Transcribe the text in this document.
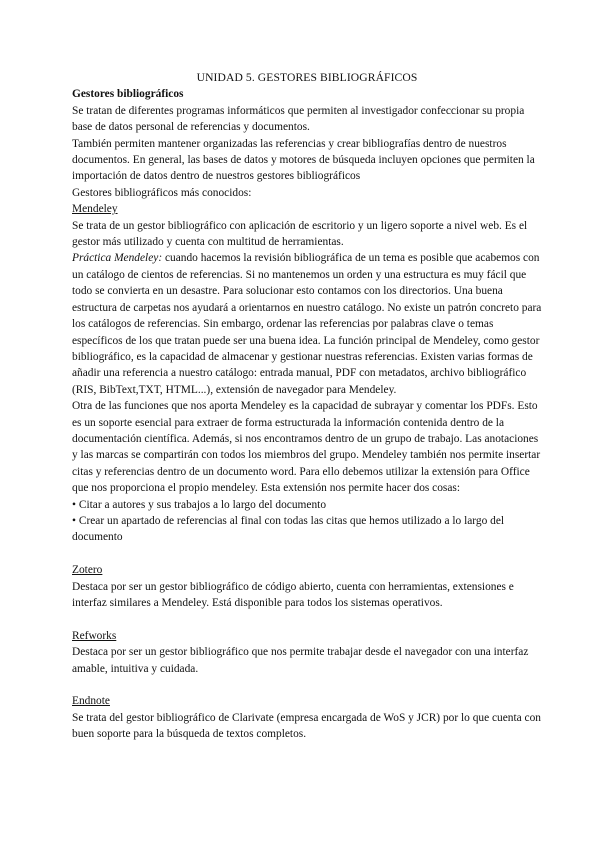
UNIDAD 5. GESTORES BIBLIOGRÁFICOS

Gestores bibliográficos

Se tratan de diferentes programas informáticos que permiten al investigador confeccionar su propia base de datos personal de referencias y documentos.

También permiten mantener organizadas las referencias y crear bibliografías dentro de nuestros documentos. En general, las bases de datos y motores de búsqueda incluyen opciones que permiten la importación de datos dentro de nuestros gestores bibliográficos

Gestores bibliográficos más conocidos:

Mendeley

Se trata de un gestor bibliográfico con aplicación de escritorio y un ligero soporte a nivel web. Es el gestor más utilizado y cuenta con multitud de herramientas.

Práctica Mendeley: cuando hacemos la revisión bibliográfica de un tema es posible que acabemos con un catálogo de cientos de referencias. Si no mantenemos un orden y una estructura es muy fácil que todo se convierta en un desastre. Para solucionar esto contamos con los directorios. Una buena estructura de carpetas nos ayudará a orientarnos en nuestro catálogo. No existe un patrón concreto para los catálogos de referencias. Sin embargo, ordenar las referencias por palabras clave o temas específicos de los que tratan puede ser una buena idea. La función principal de Mendeley, como gestor bibliográfico, es la capacidad de almacenar y gestionar nuestras referencias. Existen varias formas de añadir una referencia a nuestro catálogo: entrada manual, PDF con metadatos, archivo bibliográfico (RIS, BibText,TXT, HTML...), extensión de navegador para Mendeley.

Otra de las funciones que nos aporta Mendeley es la capacidad de subrayar y comentar los PDFs. Esto es un soporte esencial para extraer de forma estructurada la información contenida dentro de la documentación científica. Además, si nos encontramos dentro de un grupo de trabajo. Las anotaciones y las marcas se compartirán con todos los miembros del grupo. Mendeley también nos permite insertar citas y referencias dentro de un documento word. Para ello debemos utilizar la extensión para Office que nos proporciona el propio mendeley. Esta extensión nos permite hacer dos cosas:

• Citar a autores y sus trabajos a lo largo del documento
• Crear un apartado de referencias al final con todas las citas que hemos utilizado a lo largo del documento

Zotero

Destaca por ser un gestor bibliográfico de código abierto, cuenta con herramientas, extensiones e interfaz similares a Mendeley. Está disponible para todos los sistemas operativos.

Refworks

Destaca por ser un gestor bibliográfico que nos permite trabajar desde el navegador con una interfaz amable, intuitiva y cuidada.

Endnote

Se trata del gestor bibliográfico de Clarivate (empresa encargada de WoS y JCR) por lo que cuenta con buen soporte para la búsqueda de textos completos.
